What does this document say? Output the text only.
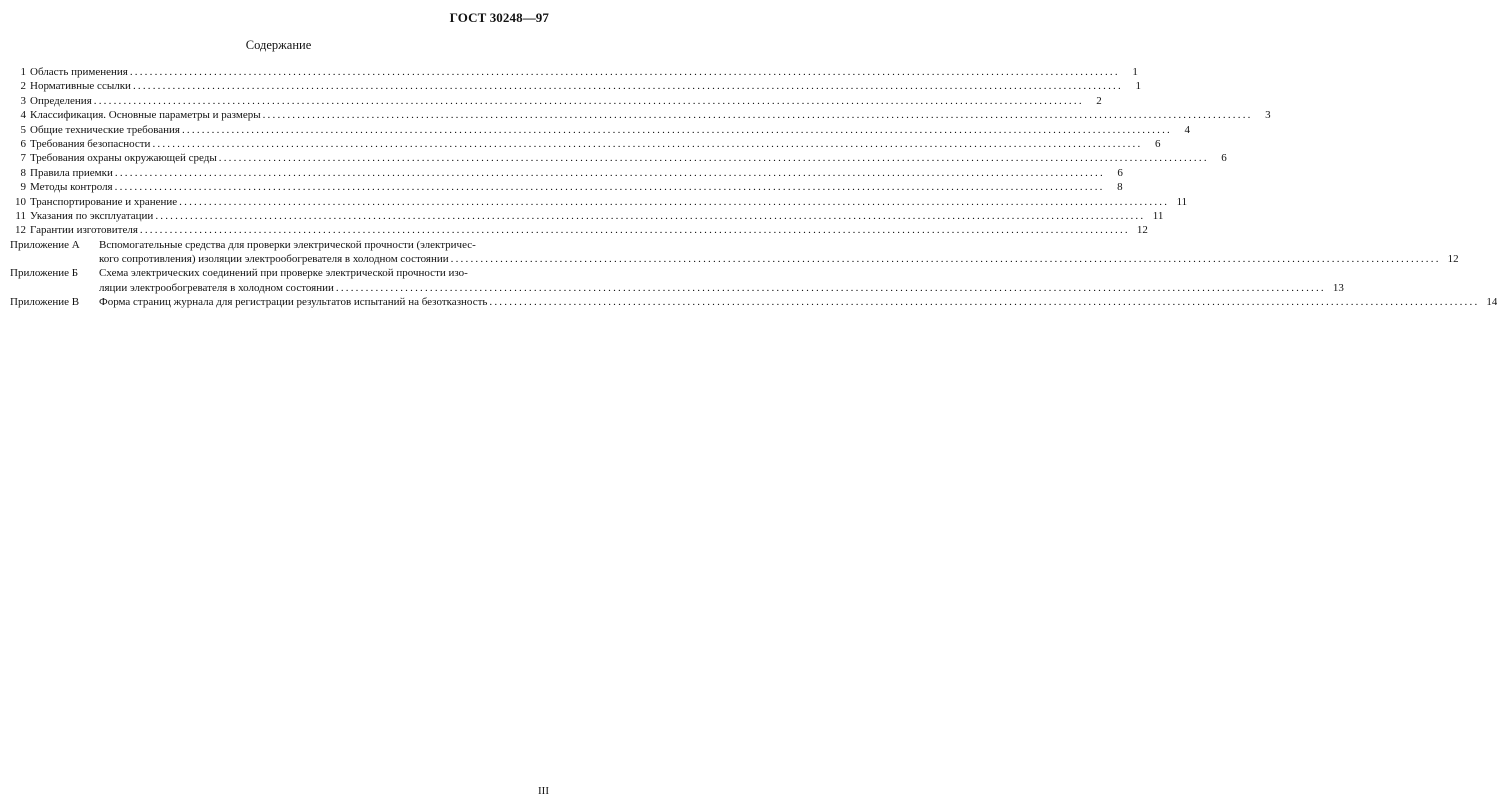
ГОСТ 30248—97
Содержание
1 Область применения ........................................................................................................................................................................................................	1
2 Нормативные ссылки ........................................................................................................................................................................................................	1
3 Определения ........................................................................................................................................................................................................	2
4 Классификация. Основные параметры и размеры ........................................................................................................................................................................................................	3
5 Общие технические требования ........................................................................................................................................................................................................	4
6 Требования безопасности ........................................................................................................................................................................................................	6
7 Требования охраны окружающей среды ........................................................................................................................................................................................................	6
8 Правила приемки ........................................................................................................................................................................................................	6
9 Методы контроля ........................................................................................................................................................................................................	8
10 Транспортирование и хранение ........................................................................................................................................................................................................ 11
11 Указания по эксплуатации ........................................................................................................................................................................................................ 11
12 Гарантии изготовителя ........................................................................................................................................................................................................ 12
Приложение А	Вспомогательные средства для проверки электрической прочности (электричес-
кого сопротивления) изоляции электрообогревателя в холодном состоянии ........................................................................................................................................................................................................ 12
Приложение Б	Схема электрических соединений при проверке электрической прочности изо-
ляции электрообогревателя в холодном состоянии ........................................................................................................................................................................................................ 13
Приложение В	Форма страниц журнала для регистрации результатов испытаний на безотказность ........................................................................................................................................................................................................ 14
III
